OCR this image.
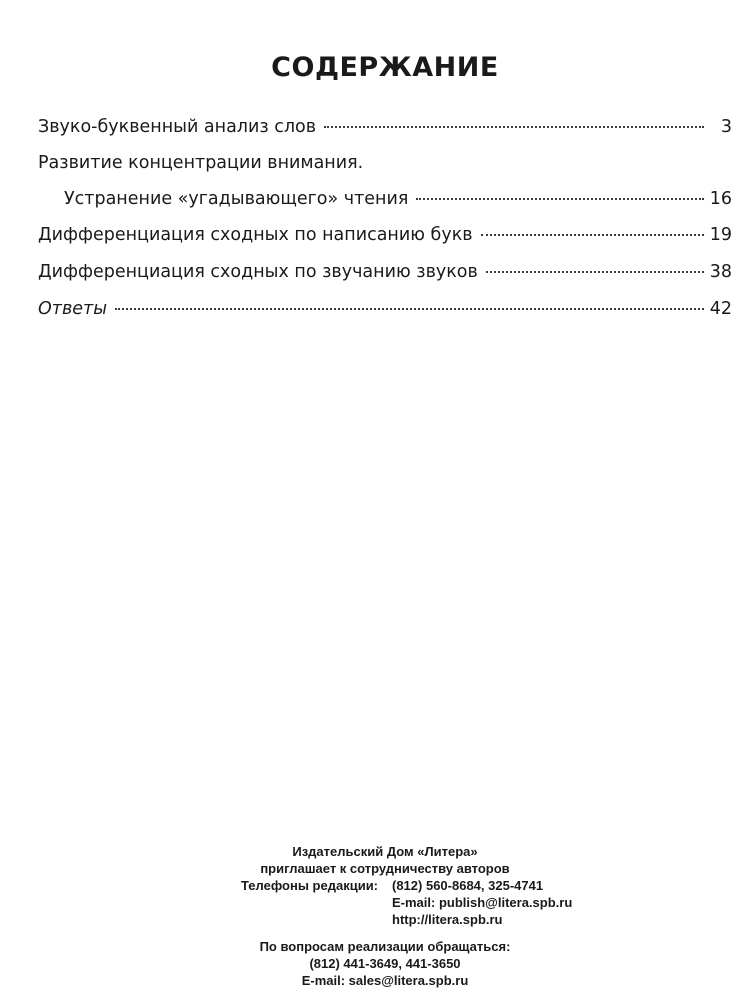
СОДЕРЖАНИЕ
Звуко-буквенный анализ слов	3
Развитие концентрации внимания.
Устранение «угадывающего» чтения	16
Дифференциация сходных по написанию букв	19
Дифференциация сходных по звучанию звуков	38
Ответы	42
Издательский Дом «Литера»
приглашает к сотрудничеству авторов
Телефоны редакции: (812) 560-8684, 325-4741
E-mail: publish@litera.spb.ru
http://litera.spb.ru
По вопросам реализации обращаться:
(812) 441-3649, 441-3650
E-mail: sales@litera.spb.ru
